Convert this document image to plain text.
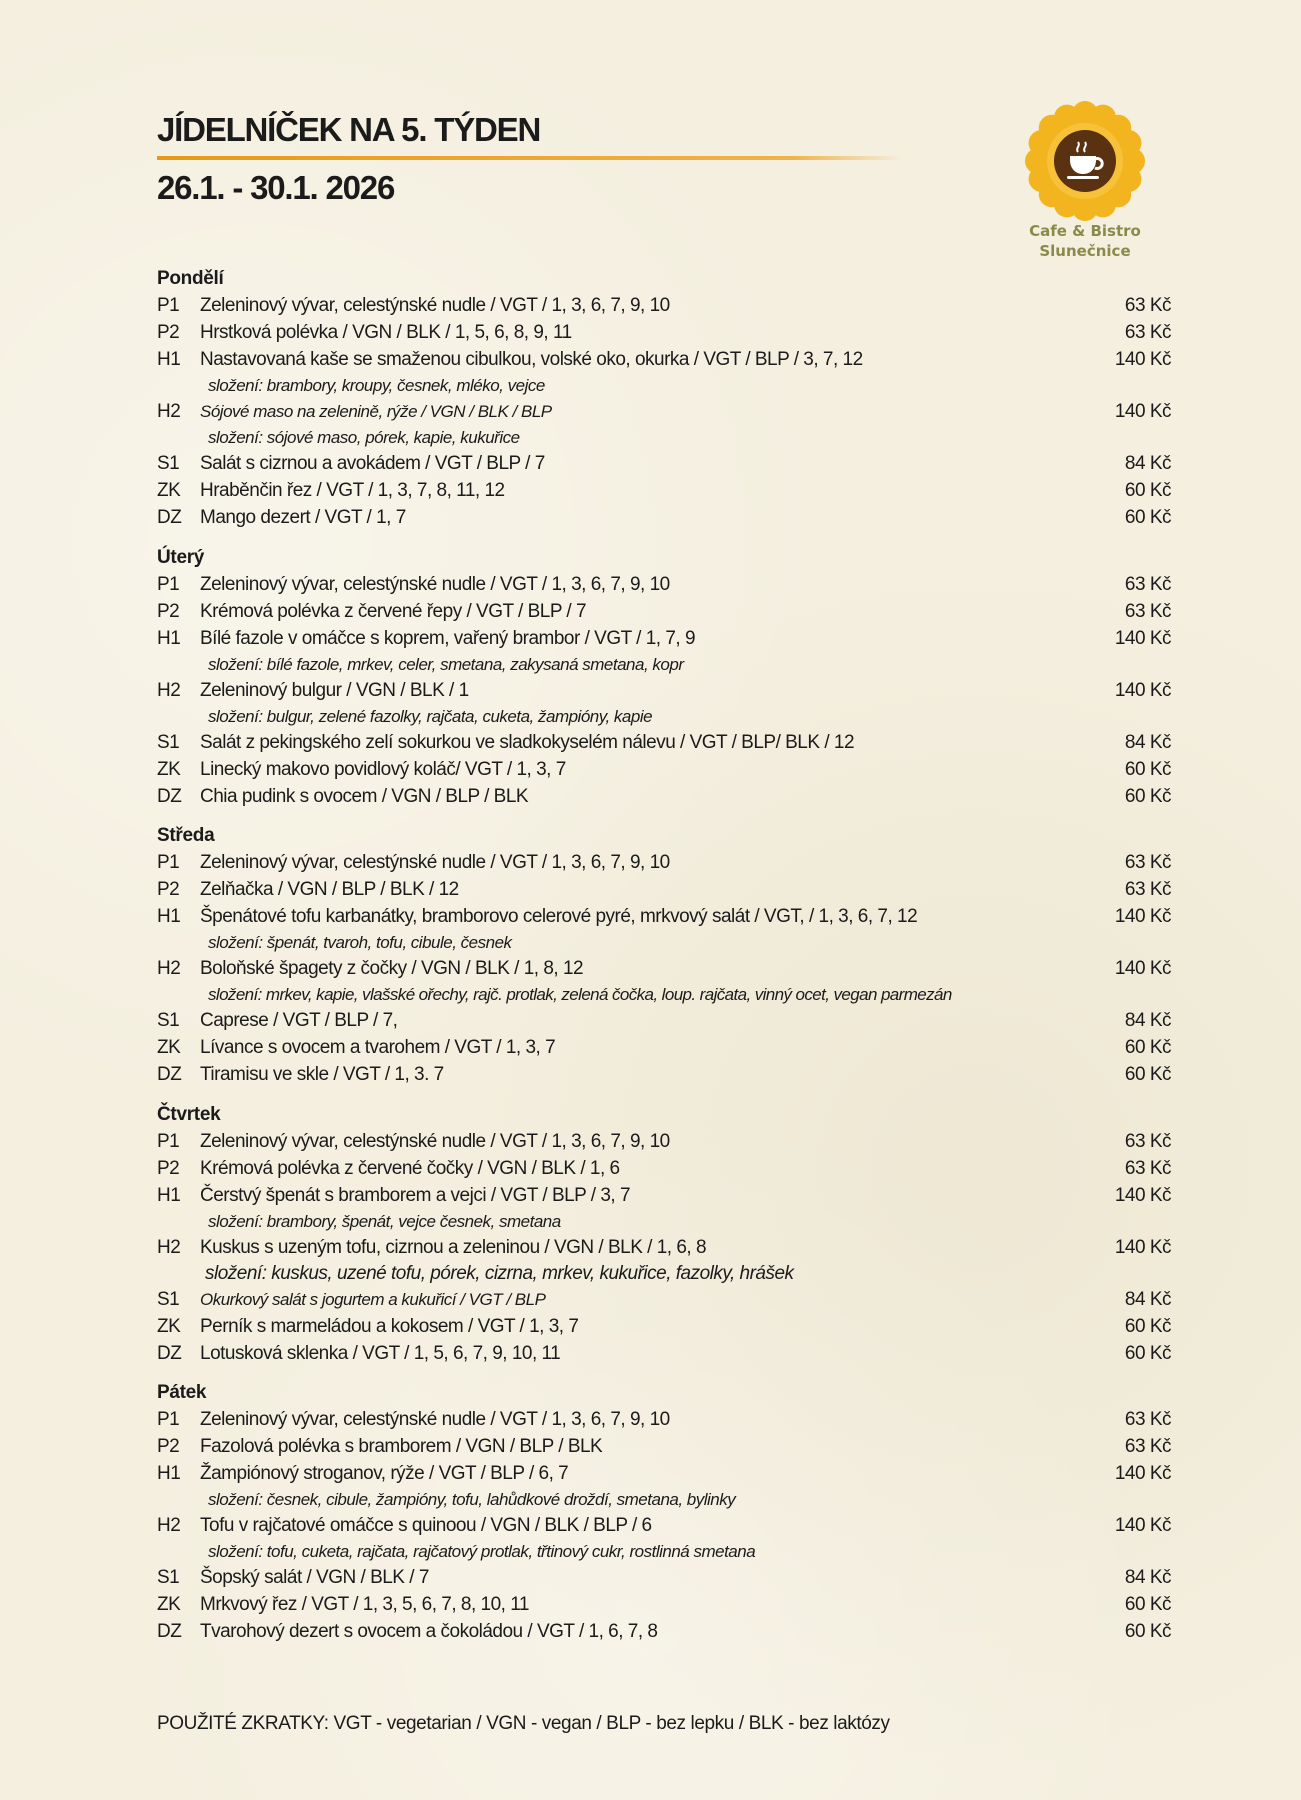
JÍDELNÍČEK NA 5. TÝDEN
26.1. - 30.1. 2026
Cafe & Bistro
Slunečnice
Pondělí
P1 Zeleninový vývar, celestýnské nudle / VGT / 1, 3, 6, 7, 9, 10	63 Kč
P2 Hrstková polévka / VGN / BLK / 1, 5, 6, 8, 9, 11	63 Kč
H1 Nastavovaná kaše se smaženou cibulkou, volské oko, okurka / VGT / BLP / 3, 7, 12	140 Kč
složení: brambory, kroupy, česnek, mléko, vejce
H2 Sójové maso na zelenině, rýže / VGN / BLK / BLP	140 Kč
složení: sójové maso, pórek, kapie, kukuřice
S1 Salát s cizrnou a avokádem / VGT / BLP / 7	84 Kč
ZK Hraběnčin řez / VGT / 1, 3, 7, 8, 11, 12	60 Kč
DZ Mango dezert / VGT / 1, 7	60 Kč
Úterý
P1 Zeleninový vývar, celestýnské nudle / VGT / 1, 3, 6, 7, 9, 10	63 Kč
P2 Krémová polévka z červené řepy / VGT / BLP / 7	63 Kč
H1 Bílé fazole v omáčce s koprem, vařený brambor / VGT / 1, 7, 9	140 Kč
složení: bílé fazole, mrkev, celer, smetana, zakysaná smetana, kopr
H2 Zeleninový bulgur / VGN / BLK / 1	140 Kč
složení: bulgur, zelené fazolky, rajčata, cuketa, žampióny, kapie
S1 Salát z pekingského zelí sokurkou ve sladkokyselém nálevu / VGT / BLP/ BLK / 12	84 Kč
ZK Linecký makovo povidlový koláč/ VGT / 1, 3, 7	60 Kč
DZ Chia pudink s ovocem / VGN / BLP / BLK	60 Kč
Středa
P1 Zeleninový vývar, celestýnské nudle / VGT / 1, 3, 6, 7, 9, 10	63 Kč
P2 Zelňačka / VGN / BLP / BLK / 12	63 Kč
H1 Špenátové tofu karbanátky, bramborovo celerové pyré, mrkvový salát / VGT, / 1, 3, 6, 7, 12	140 Kč
složení: špenát, tvaroh, tofu, cibule, česnek
H2 Boloňské špagety z čočky / VGN / BLK / 1, 8, 12	140 Kč
složení: mrkev, kapie, vlašské ořechy, rajč. protlak, zelená čočka, loup. rajčata, vinný ocet, vegan parmezán
S1 Caprese / VGT / BLP / 7,	84 Kč
ZK Lívance s ovocem a tvarohem / VGT / 1, 3, 7	60 Kč
DZ Tiramisu ve skle / VGT / 1, 3. 7	60 Kč
Čtvrtek
P1 Zeleninový vývar, celestýnské nudle / VGT / 1, 3, 6, 7, 9, 10	63 Kč
P2 Krémová polévka z červené čočky / VGN / BLK / 1, 6	63 Kč
H1 Čerstvý špenát s bramborem a vejci / VGT / BLP / 3, 7	140 Kč
složení: brambory, špenát, vejce česnek, smetana
H2 Kuskus s uzeným tofu, cizrnou a zeleninou / VGN / BLK / 1, 6, 8	140 Kč
složení: kuskus, uzené tofu, pórek, cizrna, mrkev, kukuřice, fazolky, hrášek
S1 Okurkový salát s jogurtem a kukuřicí / VGT / BLP	84 Kč
ZK Perník s marmeládou a kokosem / VGT / 1, 3, 7	60 Kč
DZ Lotusková sklenka / VGT / 1, 5, 6, 7, 9, 10, 11	60 Kč
Pátek
P1 Zeleninový vývar, celestýnské nudle / VGT / 1, 3, 6, 7, 9, 10	63 Kč
P2 Fazolová polévka s bramborem / VGN / BLP / BLK	63 Kč
H1 Žampiónový stroganov, rýže / VGT / BLP / 6, 7	140 Kč
složení: česnek, cibule, žampióny, tofu, lahůdkové droždí, smetana, bylinky
H2 Tofu v rajčatové omáčce s quinoou / VGN / BLK / BLP / 6	140 Kč
složení: tofu, cuketa, rajčata, rajčatový protlak, třtinový cukr, rostlinná smetana
S1 Šopský salát / VGN / BLK / 7	84 Kč
ZK Mrkvový řez / VGT / 1, 3, 5, 6, 7, 8, 10, 11	60 Kč
DZ Tvarohový dezert s ovocem a čokoládou / VGT / 1, 6, 7, 8	60 Kč
POUŽITÉ ZKRATKY: VGT - vegetarian / VGN - vegan / BLP - bez lepku / BLK - bez laktózy
